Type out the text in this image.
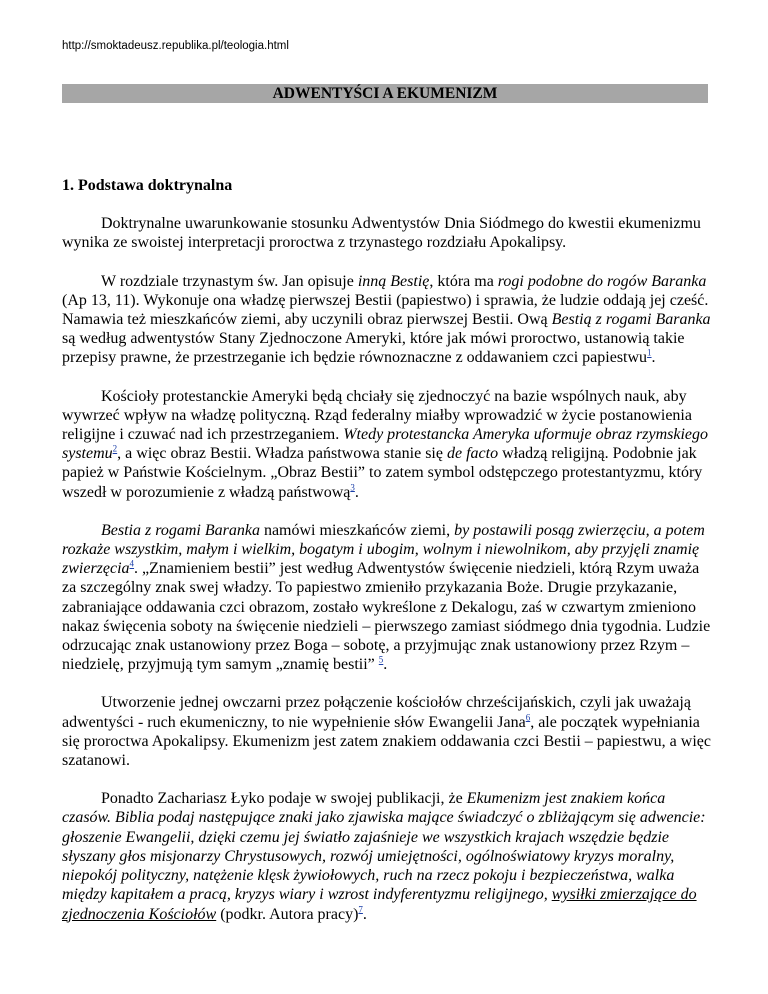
http://smoktadeusz.republika.pl/teologia.html
ADWENTYŚCI A EKUMENIZM
1. Podstawa doktrynalna

Doktrynalne uwarunkowanie stosunku Adwentystów Dnia Siódmego do kwestii ekumenizmu wynika ze swoistej interpretacji proroctwa z trzynastego rozdziału Apokalipsy.

W rozdziale trzynastym św. Jan opisuje inną Bestię, która ma rogi podobne do rogów Baranka (Ap 13, 11). Wykonuje ona władzę pierwszej Bestii (papiestwo) i sprawia, że ludzie oddają jej cześć. Namawia też mieszkańców ziemi, aby uczynili obraz pierwszej Bestii. Ową Bestią z rogami Baranka są według adwentystów Stany Zjednoczone Ameryki, które jak mówi proroctwo, ustanowią takie przepisy prawne, że przestrzeganie ich będzie równoznaczne z oddawaniem czci papiestwu$^1$.

Kościoły protestanckie Ameryki będą chciały się zjednoczyć na bazie wspólnych nauk, aby wywrzeć wpływ na władzę polityczną. Rząd federalny miałby wprowadzić w życie postanowienia religijne i czuwać nad ich przestrzeganiem. Wtedy protestancka Ameryka uformuje obraz rzymskiego systemu$^2$, a więc obraz Bestii. Władza państwowa stanie się de facto władzą religijną. Podobnie jak papież w Państwie Kościelnym. „Obraz Bestii” to zatem symbol odstępczego protestantyzmu, który wszedł w porozumienie z władzą państwową$^3$.

Bestia z rogami Baranka namówi mieszkańców ziemi, by postawili posąg zwierzęciu, a potem rozkaże wszystkim, małym i wielkim, bogatym i ubogim, wolnym i niewolnikom, aby przyjęli znamię zwierzęcia$^4$. „Znamieniem bestii” jest według Adwentystów święcenie niedzieli, którą Rzym uważa za szczególny znak swej władzy. To papiestwo zmieniło przykazania Boże. Drugie przykazanie, zabraniające oddawania czci obrazom, zostało wykreślone z Dekalogu, zaś w czwartym zmieniono nakaz święcenia soboty na święcenie niedzieli – pierwszego zamiast siódmego dnia tygodnia. Ludzie odrzucając znak ustanowiony przez Boga – sobotę, a przyjmując znak ustanowiony przez Rzym – niedzielę, przyjmują tym samym „znamię bestii” $^5$.

Utworzenie jednej owczarni przez połączenie kościołów chrześcijańskich, czyli jak uważają adwentyści - ruch ekumeniczny, to nie wypełnienie słów Ewangelii Jana$^6$, ale początek wypełniania się proroctwa Apokalipsy. Ekumenizm jest zatem znakiem oddawania czci Bestii – papiestwu, a więc szatanowi.

Ponadto Zachariasz Łyko podaje w swojej publikacji, że Ekumenizm jest znakiem końca czasów. Biblia podaj następujące znaki jako zjawiska mające świadczyć o zbliżającym się adwencie: głoszenie Ewangelii, dzięki czemu jej światło zajaśnieje we wszystkich krajach wszędzie będzie słyszany głos misjonarzy Chrystusowych, rozwój umiejętności, ogólnoświatowy kryzys moralny, niepokój polityczny, natężenie klęsk żywiołowych, ruch na rzecz pokoju i bezpieczeństwa, walka między kapitałem a pracą, kryzys wiary i wzrost indyferentyzmu religijnego, wysiłki zmierzające do zjednoczenia Kościołów (podkr. Autora pracy)$^7$.
